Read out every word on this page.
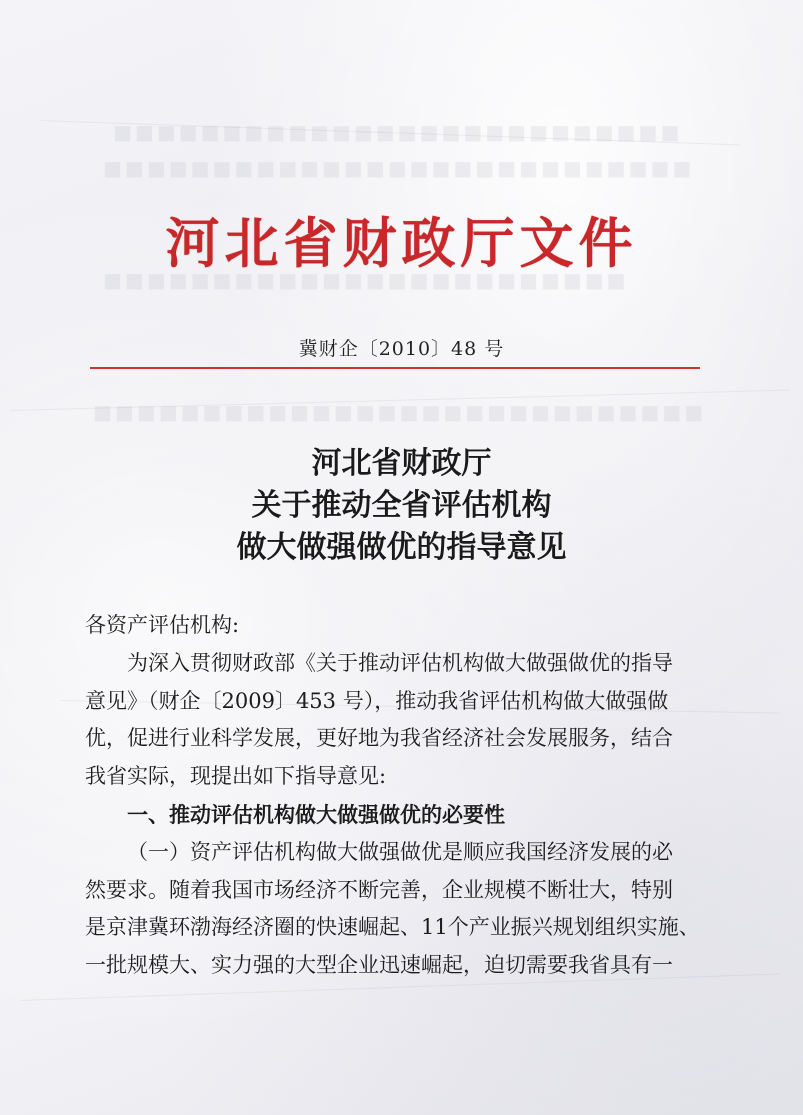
■■■■■■■■■■■■■■■■■■■■■■■■■■
■■■■■■■■■■■■■■■■■■■■■■■■■■■
■■■■■■■■■■■■■■■■■■■■■■■■
■■■■■■■■■■■■■■■■■■■■■■■■■■■■
河北省财政厅文件
冀财企〔2010〕48 号
河北省财政厅
关于推动全省评估机构
做大做强做优的指导意见
各资产评估机构:
为深入贯彻财政部《关于推动评估机构做大做强做优的指导
意见》（财企〔2009〕453 号），推动我省评估机构做大做强做
优，促进行业科学发展，更好地为我省经济社会发展服务，结合
我省实际，现提出如下指导意见:
一、推动评估机构做大做强做优的必要性
（一）资产评估机构做大做强做优是顺应我国经济发展的必
然要求。随着我国市场经济不断完善，企业规模不断壮大，特别
是京津冀环渤海经济圈的快速崛起、11个产业振兴规划组织实施、
一批规模大、实力强的大型企业迅速崛起，迫切需要我省具有一
